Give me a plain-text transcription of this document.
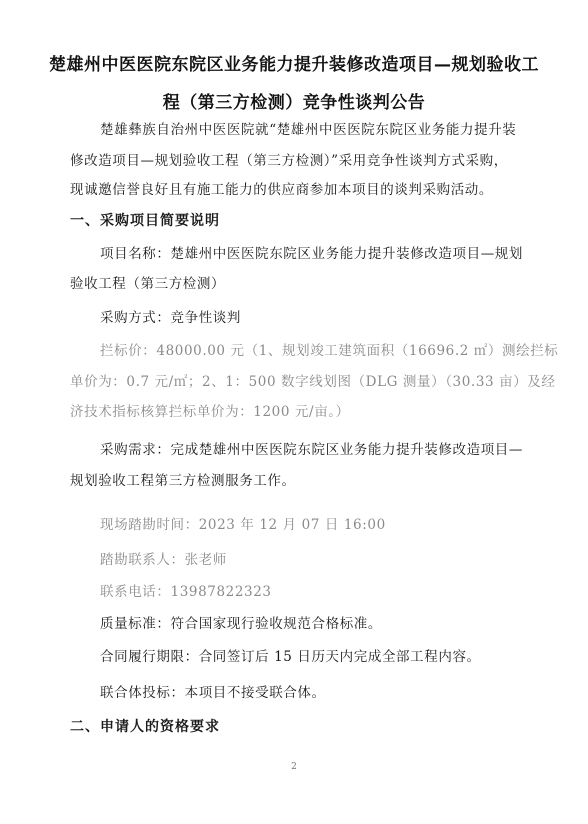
楚雄州中医医院东院区业务能力提升装修改造项目—规划验收工
程（第三方检测）竞争性谈判公告
楚雄彝族自治州中医医院就“楚雄州中医医院东院区业务能力提升装
修改造项目—规划验收工程（第三方检测）”采用竞争性谈判方式采购，
现诚邀信誉良好且有施工能力的供应商参加本项目的谈判采购活动。
一、采购项目简要说明
项目名称：楚雄州中医医院东院区业务能力提升装修改造项目—规划
验收工程（第三方检测）
采购方式：竞争性谈判
拦标价：48000.00 元（1、规划竣工建筑面积（16696.2 ㎡）测绘拦标
单价为：0.7 元/㎡；2、1：500 数字线划图（DLG 测量）（30.33 亩）及经
济技术指标核算拦标单价为：1200 元/亩。）
采购需求：完成楚雄州中医医院东院区业务能力提升装修改造项目—
规划验收工程第三方检测服务工作。
现场踏勘时间：2023 年 12 月 07 日 16:00
踏勘联系人：张老师
联系电话：13987822323
质量标准：符合国家现行验收规范合格标准。
合同履行期限：合同签订后 15 日历天内完成全部工程内容。
联合体投标：本项目不接受联合体。
二、申请人的资格要求
2
